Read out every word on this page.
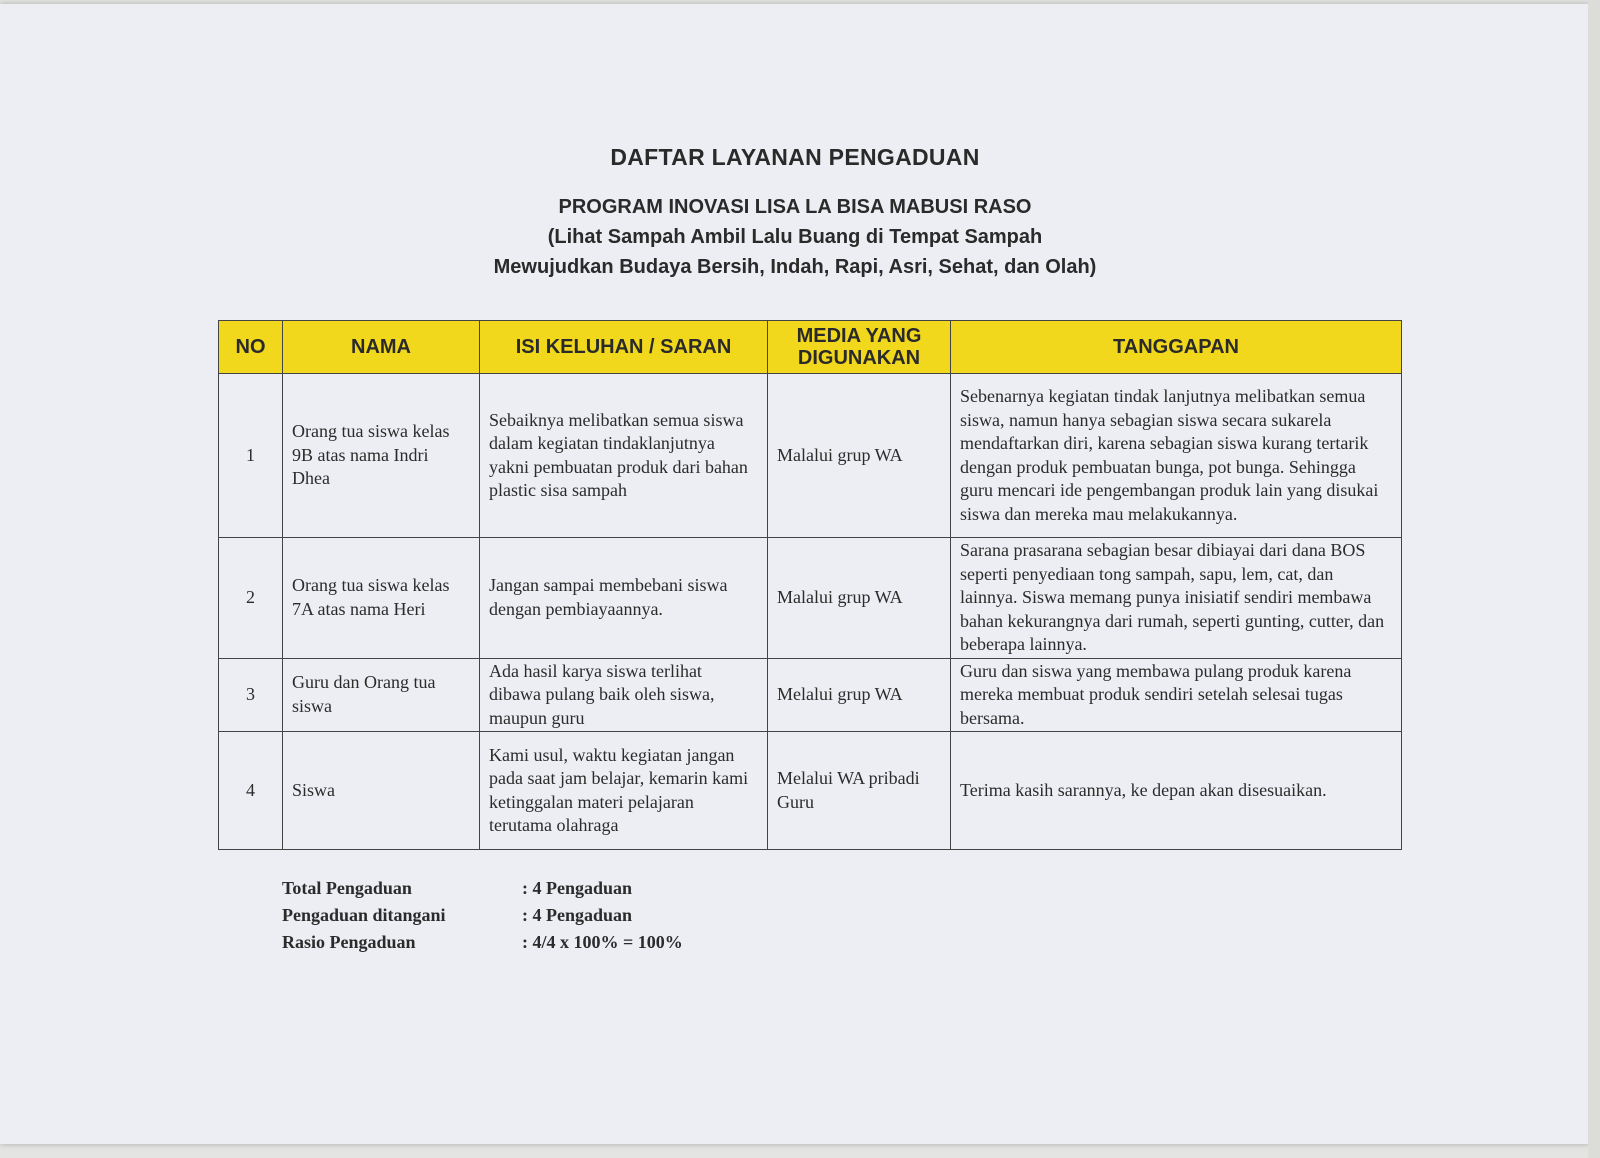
DAFTAR LAYANAN PENGADUAN
PROGRAM INOVASI LISA LA BISA MABUSI RASO
(Lihat Sampah Ambil Lalu Buang di Tempat Sampah
Mewujudkan Budaya Bersih, Indah, Rapi, Asri, Sehat, dan Olah)
NO	NAMA	ISI KELUHAN / SARAN	MEDIA YANG DIGUNAKAN	TANGGAPAN
1	Orang tua siswa kelas 9B atas nama Indri Dhea	Sebaiknya melibatkan semua siswa dalam kegiatan tindaklanjutnya yakni pembuatan produk dari bahan plastic sisa sampah	Malalui grup WA	Sebenarnya kegiatan tindak lanjutnya melibatkan semua siswa, namun hanya sebagian siswa secara sukarela mendaftarkan diri, karena sebagian siswa kurang tertarik dengan produk pembuatan bunga, pot bunga. Sehingga guru mencari ide pengembangan produk lain yang disukai siswa dan mereka mau melakukannya.
2	Orang tua siswa kelas 7A atas nama Heri	Jangan sampai membebani siswa dengan pembiayaannya.	Malalui grup WA	Sarana prasarana sebagian besar dibiayai dari dana BOS seperti penyediaan tong sampah, sapu, lem, cat, dan lainnya. Siswa memang punya inisiatif sendiri membawa bahan kekurangnya dari rumah, seperti gunting, cutter, dan beberapa lainnya.
3	Guru dan Orang tua siswa	Ada hasil karya siswa terlihat dibawa pulang baik oleh siswa, maupun guru	Melalui grup WA	Guru dan siswa yang membawa pulang produk karena mereka membuat produk sendiri setelah selesai tugas bersama.
4	Siswa	Kami usul, waktu kegiatan jangan pada saat jam belajar, kemarin kami ketinggalan materi pelajaran terutama olahraga	Melalui WA pribadi Guru	Terima kasih sarannya, ke depan akan disesuaikan.
Total Pengaduan	: 4 Pengaduan
Pengaduan ditangani	: 4 Pengaduan
Rasio Pengaduan	: 4/4 x 100% = 100%
